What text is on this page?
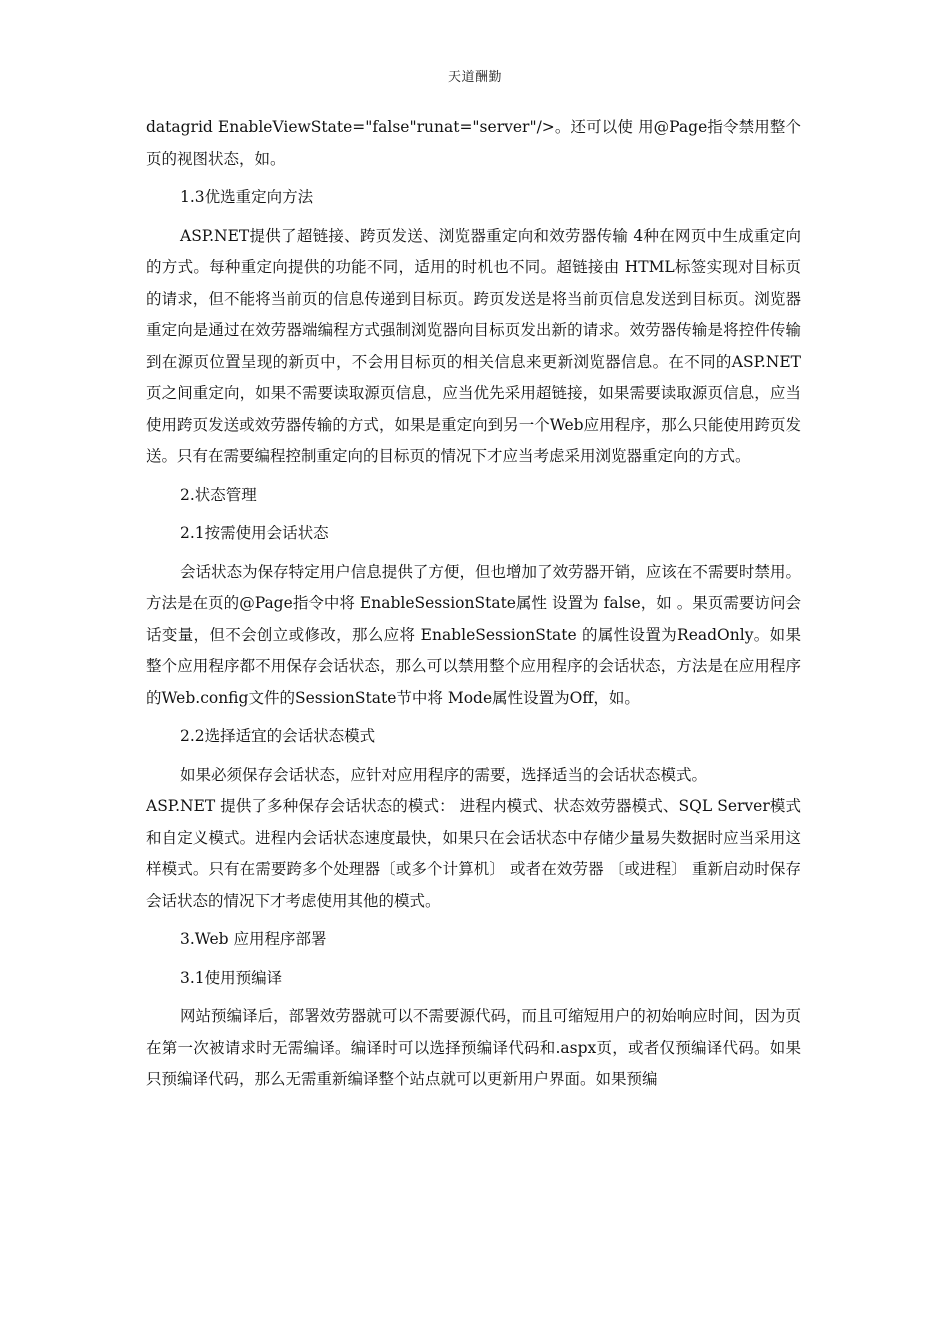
天道酬勤

datagrid EnableViewState="false"runat="server"/>。还可以使 用@Page指令禁用整个页的视图状态，如。

1.3优选重定向方法

ASP.NET提供了超链接、跨页发送、浏览器重定向和效劳器传输 4种在网页中生成重定向的方式。每种重定向提供的功能不同，适用的时机也不同。超链接由 HTML标签实现对目标页的请求，但不能将当前页的信息传递到目标页。跨页发送是将当前页信息发送到目标页。浏览器重定向是通过在效劳器端编程方式强制浏览器向目标页发出新的请求。效劳器传输是将控件传输到在源页位置呈现的新页中，不会用目标页的相关信息来更新浏览器信息。在不同的ASP.NET页之间重定向，如果不需要读取源页信息，应当优先采用超链接，如果需要读取源页信息，应当使用跨页发送或效劳器传输的方式，如果是重定向到另一个Web应用程序，那么只能使用跨页发送。只有在需要编程控制重定向的目标页的情况下才应当考虑采用浏览器重定向的方式。

2.状态管理

2.1按需使用会话状态

会话状态为保存特定用户信息提供了方便，但也增加了效劳器开销，应该在不需要时禁用。方法是在页的@Page指令中将 EnableSessionState属性 设置为 false，如 。果页需要访问会话变量，但不会创立或修改，那么应将 EnableSessionState 的属性设置为ReadOnly。如果整个应用程序都不用保存会话状态，那么可以禁用整个应用程序的会话状态，方法是在应用程序的Web.config文件的SessionState节中将 Mode属性设置为Off，如。

2.2选择适宜的会话状态模式

如果必须保存会话状态，应针对应用程序的需要，选择适当的会话状态模式。

ASP.NET 提供了多种保存会话状态的模式： 进程内模式、状态效劳器模式、SQL Server模式和自定义模式。进程内会话状态速度最快，如果只在会话状态中存储少量易失数据时应当采用这样模式。只有在需要跨多个处理器〔或多个计算机〕 或者在效劳器 〔或进程〕 重新启动时保存会话状态的情况下才考虑使用其他的模式。

3.Web 应用程序部署

3.1使用预编译

网站预编译后，部署效劳器就可以不需要源代码，而且可缩短用户的初始响应时间，因为页在第一次被请求时无需编译。编译时可以选择预编译代码和.aspx页，或者仅预编译代码。如果只预编译代码，那么无需重新编译整个站点就可以更新用户界面。如果预编
